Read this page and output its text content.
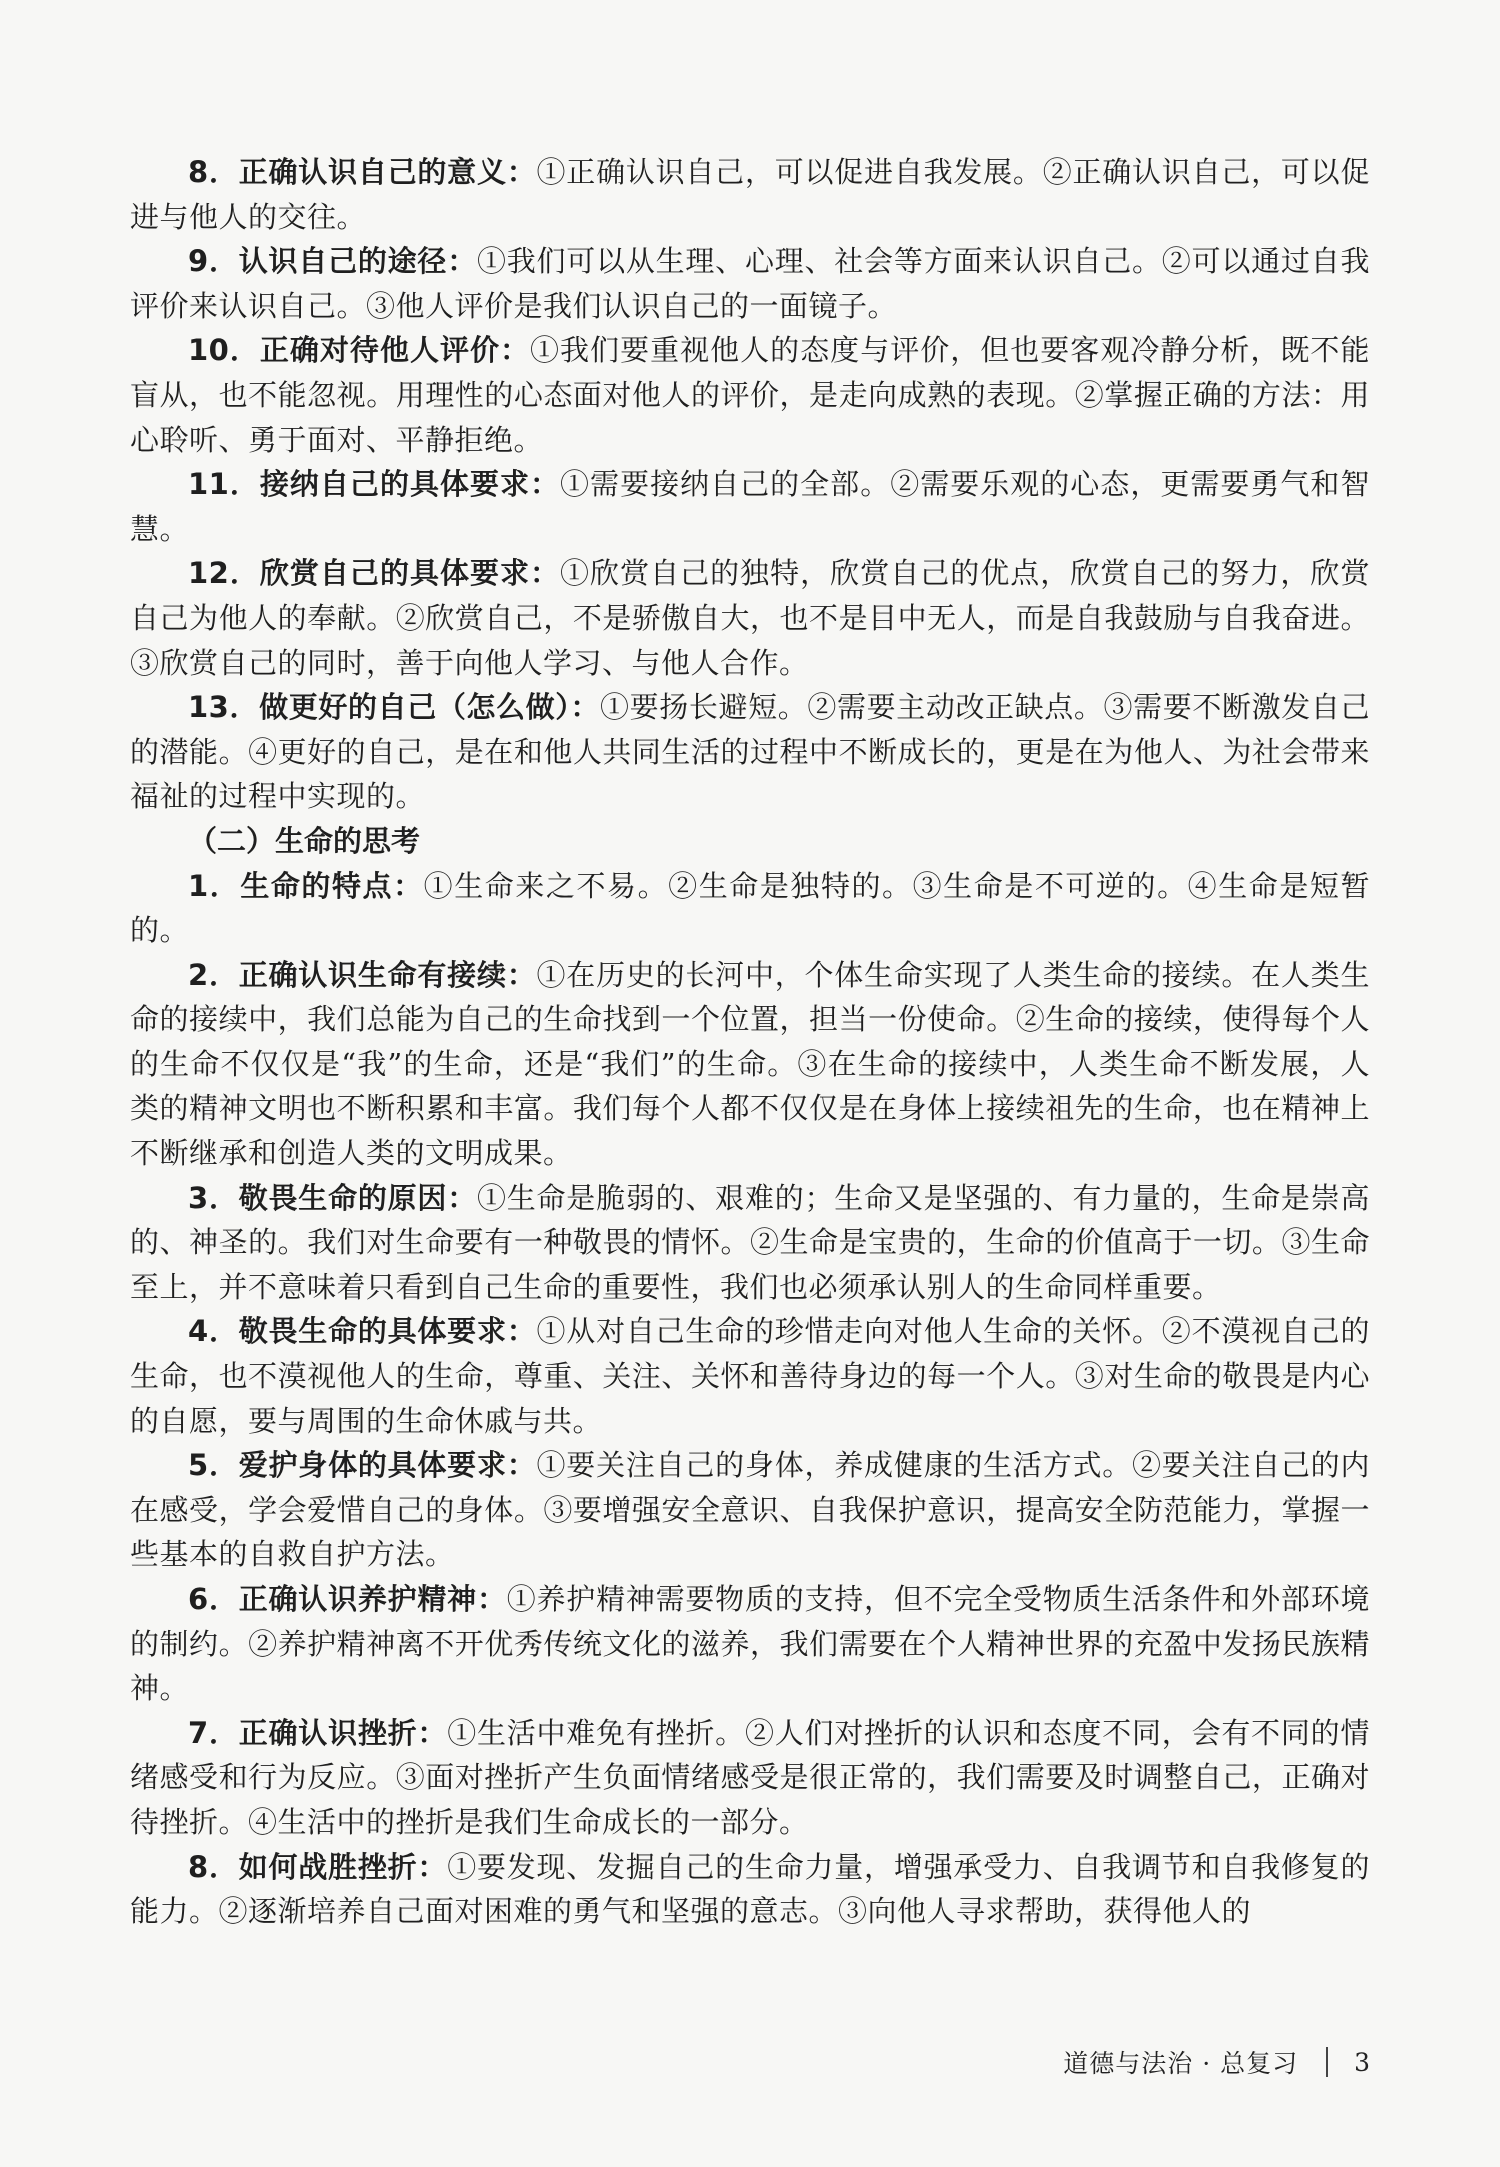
8．正确认识自己的意义：①正确认识自己，可以促进自我发展。②正确认识自己，可以促进与他人的交往。

9．认识自己的途径：①我们可以从生理、心理、社会等方面来认识自己。②可以通过自我评价来认识自己。③他人评价是我们认识自己的一面镜子。

10．正确对待他人评价：①我们要重视他人的态度与评价，但也要客观冷静分析，既不能盲从，也不能忽视。用理性的心态面对他人的评价，是走向成熟的表现。②掌握正确的方法：用心聆听、勇于面对、平静拒绝。

11．接纳自己的具体要求：①需要接纳自己的全部。②需要乐观的心态，更需要勇气和智慧。

12．欣赏自己的具体要求：①欣赏自己的独特，欣赏自己的优点，欣赏自己的努力，欣赏自己为他人的奉献。②欣赏自己，不是骄傲自大，也不是目中无人，而是自我鼓励与自我奋进。③欣赏自己的同时，善于向他人学习、与他人合作。

13．做更好的自己（怎么做）：①要扬长避短。②需要主动改正缺点。③需要不断激发自己的潜能。④更好的自己，是在和他人共同生活的过程中不断成长的，更是在为他人、为社会带来福祉的过程中实现的。

（二）生命的思考

1．生命的特点：①生命来之不易。②生命是独特的。③生命是不可逆的。④生命是短暂的。

2．正确认识生命有接续：①在历史的长河中，个体生命实现了人类生命的接续。在人类生命的接续中，我们总能为自己的生命找到一个位置，担当一份使命。②生命的接续，使得每个人的生命不仅仅是“我”的生命，还是“我们”的生命。③在生命的接续中，人类生命不断发展，人类的精神文明也不断积累和丰富。我们每个人都不仅仅是在身体上接续祖先的生命，也在精神上不断继承和创造人类的文明成果。

3．敬畏生命的原因：①生命是脆弱的、艰难的；生命又是坚强的、有力量的，生命是崇高的、神圣的。我们对生命要有一种敬畏的情怀。②生命是宝贵的，生命的价值高于一切。③生命至上，并不意味着只看到自己生命的重要性，我们也必须承认别人的生命同样重要。

4．敬畏生命的具体要求：①从对自己生命的珍惜走向对他人生命的关怀。②不漠视自己的生命，也不漠视他人的生命，尊重、关注、关怀和善待身边的每一个人。③对生命的敬畏是内心的自愿，要与周围的生命休戚与共。

5．爱护身体的具体要求：①要关注自己的身体，养成健康的生活方式。②要关注自己的内在感受，学会爱惜自己的身体。③要增强安全意识、自我保护意识，提高安全防范能力，掌握一些基本的自救自护方法。

6．正确认识养护精神：①养护精神需要物质的支持，但不完全受物质生活条件和外部环境的制约。②养护精神离不开优秀传统文化的滋养，我们需要在个人精神世界的充盈中发扬民族精神。

7．正确认识挫折：①生活中难免有挫折。②人们对挫折的认识和态度不同，会有不同的情绪感受和行为反应。③面对挫折产生负面情绪感受是很正常的，我们需要及时调整自己，正确对待挫折。④生活中的挫折是我们生命成长的一部分。

8．如何战胜挫折：①要发现、发掘自己的生命力量，增强承受力、自我调节和自我修复的能力。②逐渐培养自己面对困难的勇气和坚强的意志。③向他人寻求帮助，获得他人的

道德与法治 · 总复习 3
